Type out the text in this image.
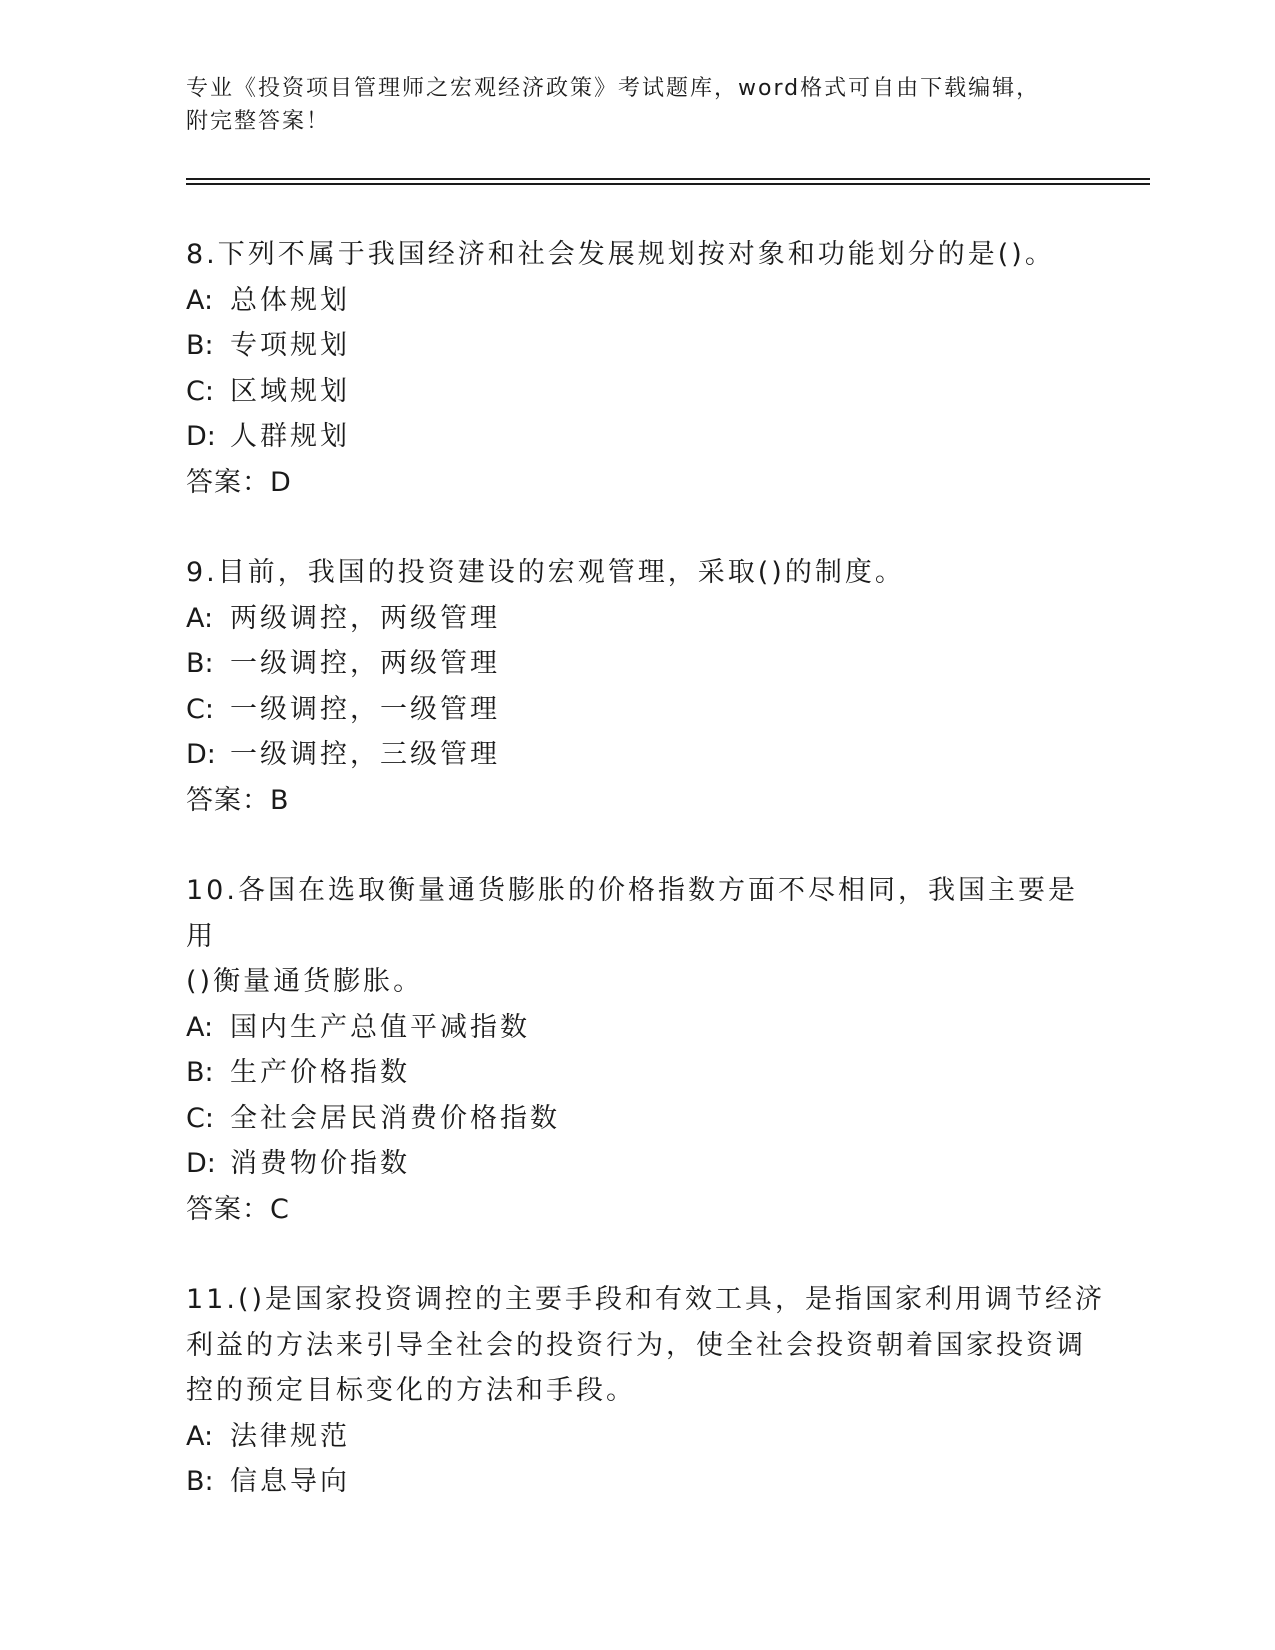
专业《投资项目管理师之宏观经济政策》考试题库，word格式可自由下载编辑，
附完整答案！

8.下列不属于我国经济和社会发展规划按对象和功能划分的是()。

A: 总体规划

B: 专项规划

C: 区域规划

D: 人群规划

答案：D

9.目前，我国的投资建设的宏观管理，采取()的制度。

A: 两级调控，两级管理

B: 一级调控，两级管理

C: 一级调控，一级管理

D: 一级调控，三级管理

答案：B

10.各国在选取衡量通货膨胀的价格指数方面不尽相同，我国主要是用

()衡量通货膨胀。

A: 国内生产总值平减指数

B: 生产价格指数

C: 全社会居民消费价格指数

D: 消费物价指数

答案：C

11.()是国家投资调控的主要手段和有效工具，是指国家利用调节经济

利益的方法来引导全社会的投资行为，使全社会投资朝着国家投资调

控的预定目标变化的方法和手段。

A: 法律规范

B: 信息导向
